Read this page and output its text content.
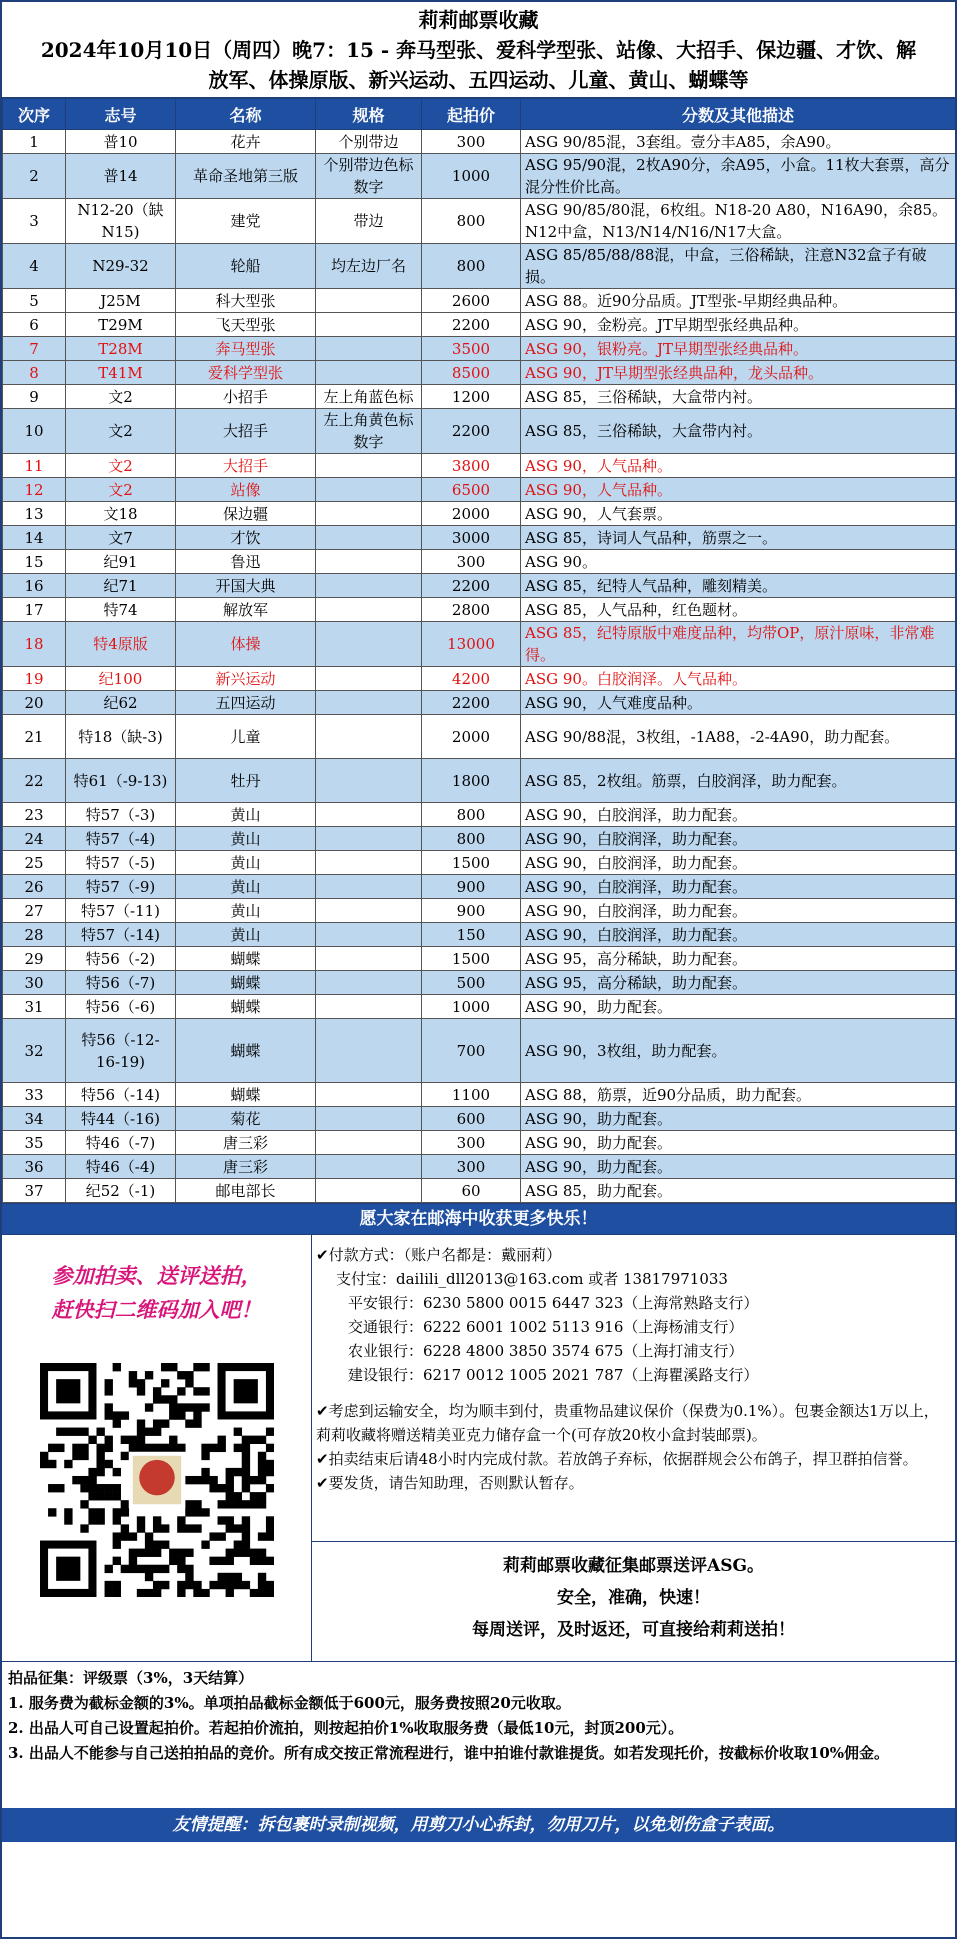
莉莉邮票收藏
2024年10月10日（周四）晚7：15 - 奔马型张、爱科学型张、站像、大招手、保边疆、才饮、解
放军、体操原版、新兴运动、五四运动、儿童、黄山、蝴蝶等
次序	志号	名称	规格	起拍价	分数及其他描述
1	普10	花卉	个别带边	300	ASG 90/85混，3套组。壹分丰A85，余A90。
2	普14	革命圣地第三版	个别带边色标数字	1000	ASG 95/90混，2枚A90分，余A95，小盒。11枚大套票，高分混分性价比高。
3	N12-20（缺N15)	建党	带边	800	ASG 90/85/80混，6枚组。N18-20 A80，N16A90，余85。N12中盒，N13/N14/N16/N17大盒。
4	N29-32	轮船	均左边厂名	800	ASG 85/85/88/88混，中盒，三俗稀缺，注意N32盒子有破损。
5	J25M	科大型张		2600	ASG 88。近90分品质。JT型张-早期经典品种。
6	T29M	飞天型张		2200	ASG 90，金粉亮。JT早期型张经典品种。
7	T28M	奔马型张		3500	ASG 90，银粉亮。JT早期型张经典品种。
8	T41M	爱科学型张		8500	ASG 90，JT早期型张经典品种，龙头品种。
9	文2	小招手	左上角蓝色标	1200	ASG 85，三俗稀缺，大盒带内衬。
10	文2	大招手	左上角黄色标数字	2200	ASG 85，三俗稀缺，大盒带内衬。
11	文2	大招手		3800	ASG 90，人气品种。
12	文2	站像		6500	ASG 90，人气品种。
13	文18	保边疆		2000	ASG 90，人气套票。
14	文7	才饮		3000	ASG 85，诗词人气品种，筋票之一。
15	纪91	鲁迅		300	ASG 90。
16	纪71	开国大典		2200	ASG 85，纪特人气品种，雕刻精美。
17	特74	解放军		2800	ASG 85，人气品种，红色题材。
18	特4原版	体操		13000	ASG 85，纪特原版中难度品种，均带OP，原汁原味，非常难得。
19	纪100	新兴运动		4200	ASG 90。白胶润泽。人气品种。
20	纪62	五四运动		2200	ASG 90，人气难度品种。
21	特18（缺-3)	儿童		2000	ASG 90/88混，3枚组，-1A88，-2-4A90，助力配套。
22	特61（-9-13)	牡丹		1800	ASG 85，2枚组。筋票，白胶润泽，助力配套。
23	特57（-3)	黄山		800	ASG 90，白胶润泽，助力配套。
24	特57（-4)	黄山		800	ASG 90，白胶润泽，助力配套。
25	特57（-5)	黄山		1500	ASG 90，白胶润泽，助力配套。
26	特57（-9)	黄山		900	ASG 90，白胶润泽，助力配套。
27	特57（-11)	黄山		900	ASG 90，白胶润泽，助力配套。
28	特57（-14)	黄山		150	ASG 90，白胶润泽，助力配套。
29	特56（-2)	蝴蝶		1500	ASG 95，高分稀缺，助力配套。
30	特56（-7)	蝴蝶		500	ASG 95，高分稀缺，助力配套。
31	特56（-6)	蝴蝶		1000	ASG 90，助力配套。
32	特56（-12-16-19)	蝴蝶		700	ASG 90，3枚组，助力配套。
33	特56（-14)	蝴蝶		1100	ASG 88，筋票，近90分品质，助力配套。
34	特44（-16)	菊花		600	ASG 90，助力配套。
35	特46（-7)	唐三彩		300	ASG 90，助力配套。
36	特46（-4)	唐三彩		300	ASG 90，助力配套。
37	纪52（-1)	邮电部长		60	ASG 85，助力配套。
愿大家在邮海中收获更多快乐！
参加拍卖、送评送拍，
赶快扫二维码加入吧！

✔付款方式：（账户名都是：戴丽莉）

支付宝：dailili_dll2013@163.com 或者 13817971033

平安银行：6230 5800 0015 6447 323（上海常熟路支行）

交通银行：6222 6001 1002 5113 916（上海杨浦支行）

农业银行：6228 4800 3850 3574 675（上海打浦支行）

建设银行：6217 0012 1005 2021 787（上海瞿溪路支行）

✔考虑到运输安全，均为顺丰到付，贵重物品建议保价（保费为0.1%）。包裹金额达1万以上，莉莉收藏将赠送精美亚克力储存盒一个(可存放20枚小盒封装邮票)。

✔拍卖结束后请48小时内完成付款。若放鸽子弃标，依据群规会公布鸽子，捍卫群拍信誉。

✔要发货，请告知助理，否则默认暂存。

莉莉邮票收藏征集邮票送评ASG。
安全，准确，快速！
每周送评，及时返还，可直接给莉莉送拍！
拍品征集：评级票（3%，3天结算）
1. 服务费为截标金额的3%。单项拍品截标金额低于600元，服务费按照20元收取。
2. 出品人可自己设置起拍价。若起拍价流拍，则按起拍价1%收取服务费（最低10元，封顶200元）。
3. 出品人不能参与自己送拍拍品的竞价。所有成交按正常流程进行，谁中拍谁付款谁提货。如若发现托价，按截标价收取10%佣金。
友情提醒：拆包裹时录制视频，用剪刀小心拆封，勿用刀片，以免划伤盒子表面。
